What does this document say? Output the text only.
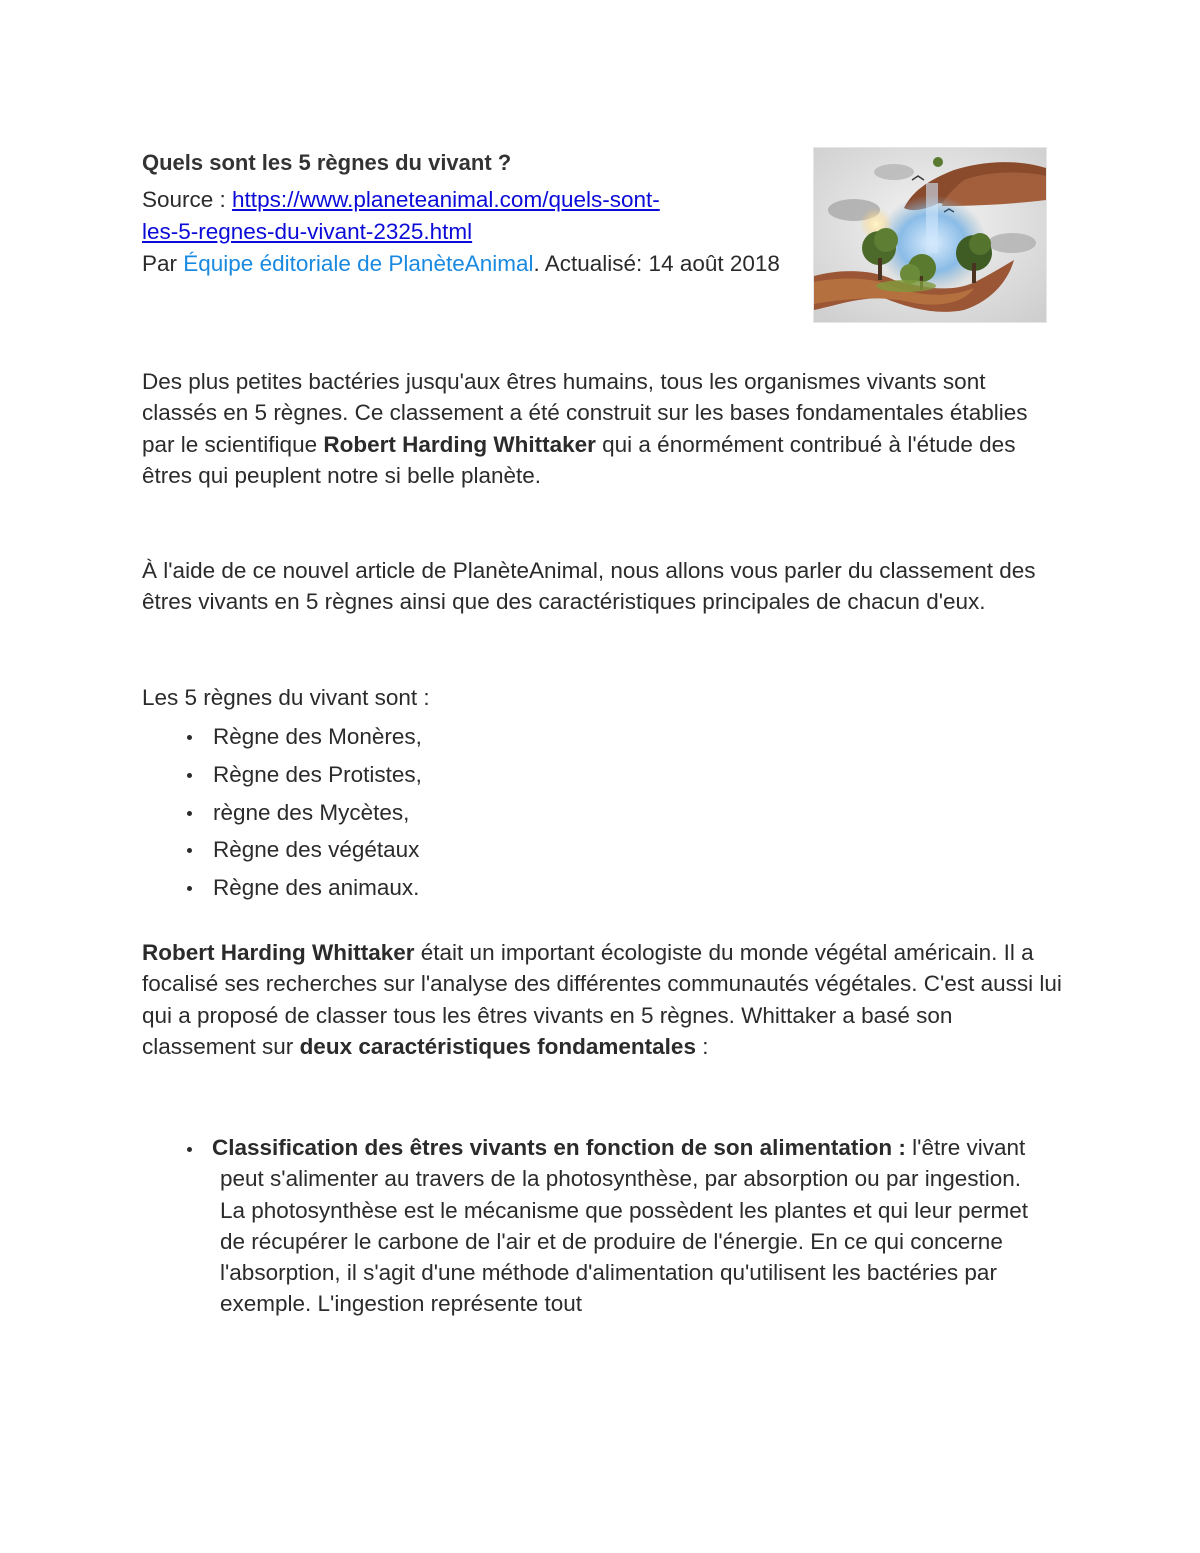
Quels sont les 5 règnes du vivant ?
Source : https://www.planeteanimal.com/quels-sont-
les-5-regnes-du-vivant-2325.html
Par Équipe éditoriale de PlanèteAnimal. Actualisé: 14 août 2018

Des plus petites bactéries jusqu'aux êtres humains, tous les organismes vivants sont classés en 5 règnes. Ce classement a été construit sur les bases fondamentales établies par le scientifique Robert Harding Whittaker qui a énormément contribué à l'étude des êtres qui peuplent notre si belle planète.

À l'aide de ce nouvel article de PlanèteAnimal, nous allons vous parler du classement des êtres vivants en 5 règnes ainsi que des caractéristiques principales de chacun d'eux.

Les 5 règnes du vivant sont :

Règne des Monères,
Règne des Protistes,
règne des Mycètes,
Règne des végétaux
Règne des animaux.

Robert Harding Whittaker était un important écologiste du monde végétal américain. Il a focalisé ses recherches sur l'analyse des différentes communautés végétales. C'est aussi lui qui a proposé de classer tous les êtres vivants en 5 règnes. Whittaker a basé son classement sur deux caractéristiques fondamentales :

Classification des êtres vivants en fonction de son alimentation : l'être vivant peut s'alimenter au travers de la photosynthèse, par absorption ou par ingestion. La photosynthèse est le mécanisme que possèdent les plantes et qui leur permet de récupérer le carbone de l'air et de produire de l'énergie. En ce qui concerne l'absorption, il s'agit d'une méthode d'alimentation qu'utilisent les bactéries par exemple. L'ingestion représente tout
